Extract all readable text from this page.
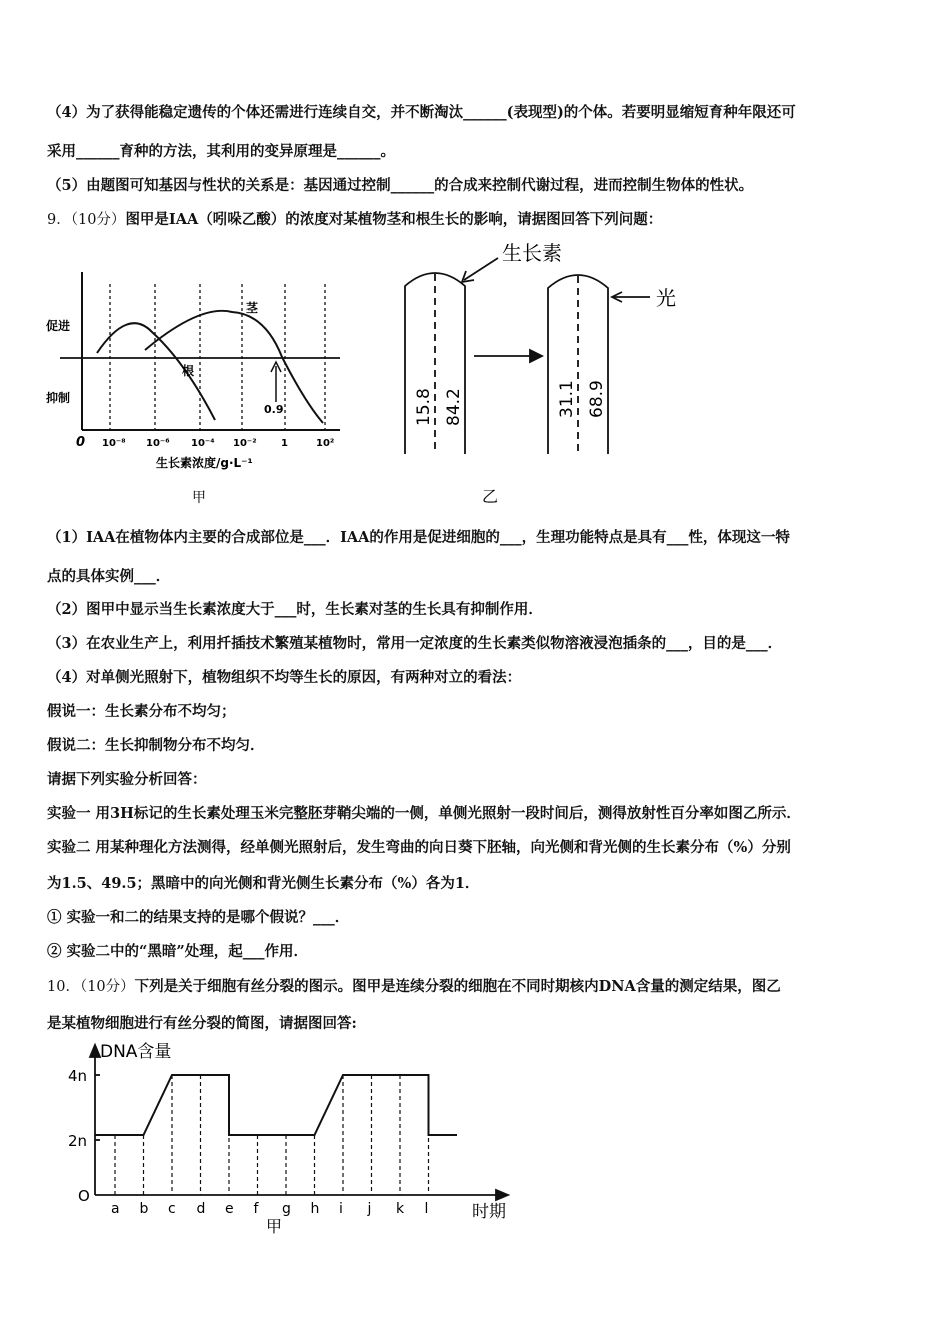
（4）为了获得能稳定遗传的个体还需进行连续自交，并不断淘汰______(表现型)的个体。若要明显缩短育种年限还可
采用______育种的方法，其利用的变异原理是______。
（5）由题图可知基因与性状的关系是：基因通过控制______的合成来控制代谢过程，进而控制生物体的性状。
9．（10分）图甲是IAA（吲哚乙酸）的浓度对某植物茎和根生长的影响，请据图回答下列问题：
促进
抑制
0 10⁻⁸ 10⁻⁶ 10⁻⁴ 10⁻² 1	10²
茎
根
0.9
生长素浓度/g·L⁻¹
甲
生长素
光
15.8 84.2	31.1 68.9
乙
（1）IAA在植物体内主要的合成部位是___．IAA的作用是促进细胞的___，生理功能特点是具有___性，体现这一特
点的具体实例___．
（2）图甲中显示当生长素浓度大于___时，生长素对茎的生长具有抑制作用．
（3）在农业生产上，利用扦插技术繁殖某植物时，常用一定浓度的生长素类似物溶液浸泡插条的___，目的是___．
（4）对单侧光照射下，植物组织不均等生长的原因，有两种对立的看法：
假说一：生长素分布不均匀；
假说二：生长抑制物分布不均匀．
请据下列实验分析回答：
实验一 用3H标记的生长素处理玉米完整胚芽鞘尖端的一侧，单侧光照射一段时间后，测得放射性百分率如图乙所示．
实验二 用某种理化方法测得，经单侧光照射后，发生弯曲的向日葵下胚轴，向光侧和背光侧的生长素分布（%）分别
为1.5、49.5；黑暗中的向光侧和背光侧生长素分布（%）各为1．
① 实验一和二的结果支持的是哪个假说？___．
② 实验二中的“黑暗”处理，起___作用．
10．（10分）下列是关于细胞有丝分裂的图示。图甲是连续分裂的细胞在不同时期核内DNA含量的测定结果，图乙
是某植物细胞进行有丝分裂的简图，请据图回答:
a b c d e f g h i j k l
DNA含量
4n
2n
O
时期
甲
